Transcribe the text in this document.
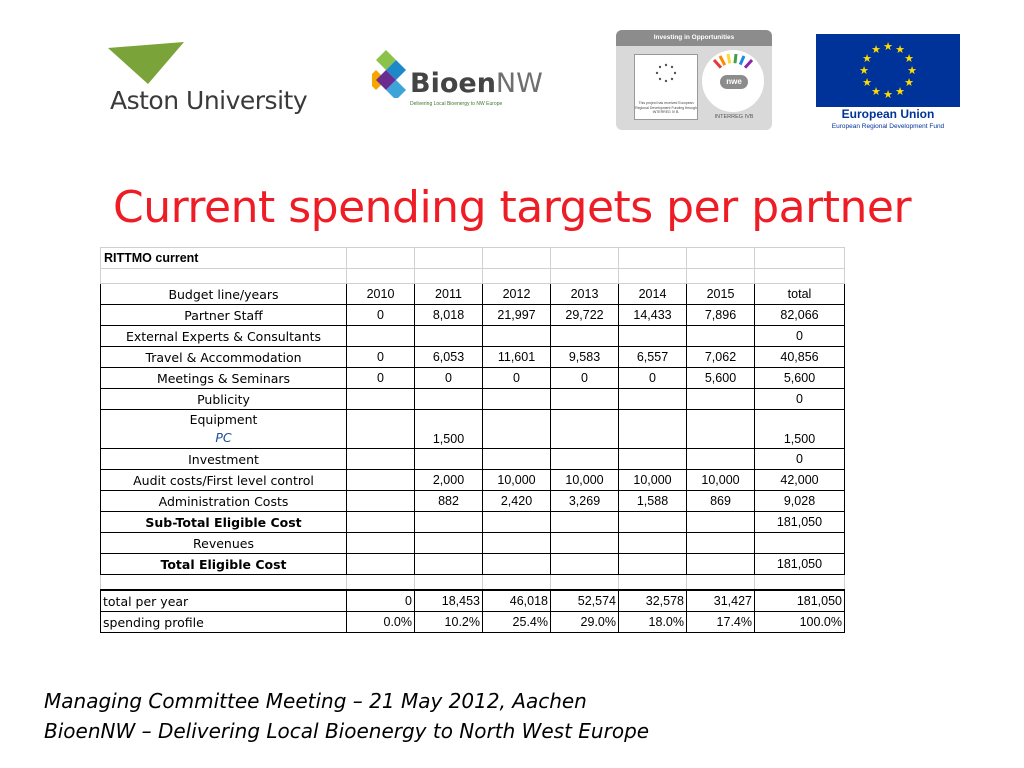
Aston University
BioenNW
Delivering Local Bioenergy to NW Europe
Investing in Opportunities
This project has received European Regional Development Funding through INTERREG IV B.
nwe
INTERREG IVB
★ ★
★
★
★
★
★
★
★
★
★
★
European Union
European Regional Development Fund
Current spending targets per partner
RITTMO current							

Budget line/years	2010	2011	2012	2013	2014	2015	total
Partner Staff	0	8,018	21,997	29,722	14,433	7,896	82,066
External Experts & Consultants							0
Travel & Accommodation	0	6,053	11,601	9,583	6,557	7,062	40,856
Meetings & Seminars	0	0	0	0	0	5,600	5,600
Publicity							0
Equipment
PC		1,500					1,500
Investment							0
Audit costs/First level control		2,000	10,000	10,000	10,000	10,000	42,000
Administration Costs		882	2,420	3,269	1,588	869	9,028
Sub-Total Eligible Cost							181,050
Revenues							
Total Eligible Cost							181,050

total per year	0	18,453	46,018	52,574	32,578	31,427	181,050
spending profile	0.0%	10.2%	25.4%	29.0%	18.0%	17.4%	100.0%
Managing Committee Meeting – 21 May 2012, Aachen
BioenNW – Delivering Local Bioenergy to North West Europe
